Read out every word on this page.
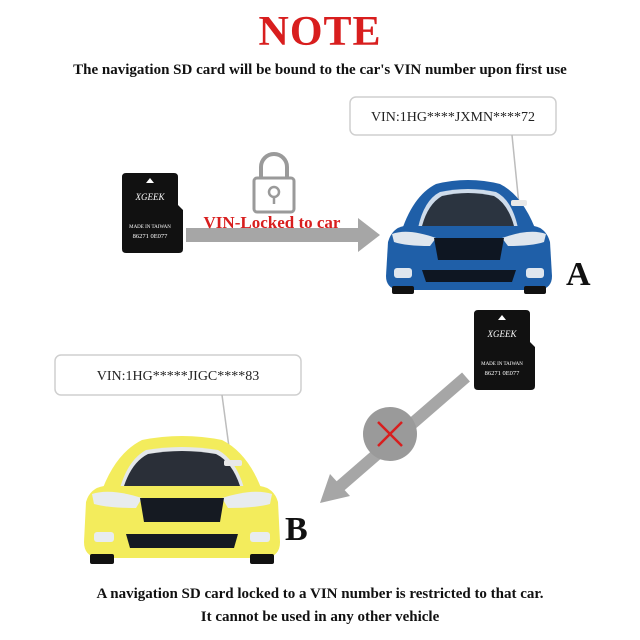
NOTE
The navigation SD card will be bound to the car's VIN number upon first use
XGEEK
MADE IN TAIWAN
86271 0E077
VIN-Locked to car
VIN:1HG****JXMN****72
A
XGEEK
MADE IN TAIWAN
86271 0E077
VIN:1HG*****JIGC****83
B
A navigation SD card locked to a VIN number is restricted to that car.
It cannot be used in any other vehicle
